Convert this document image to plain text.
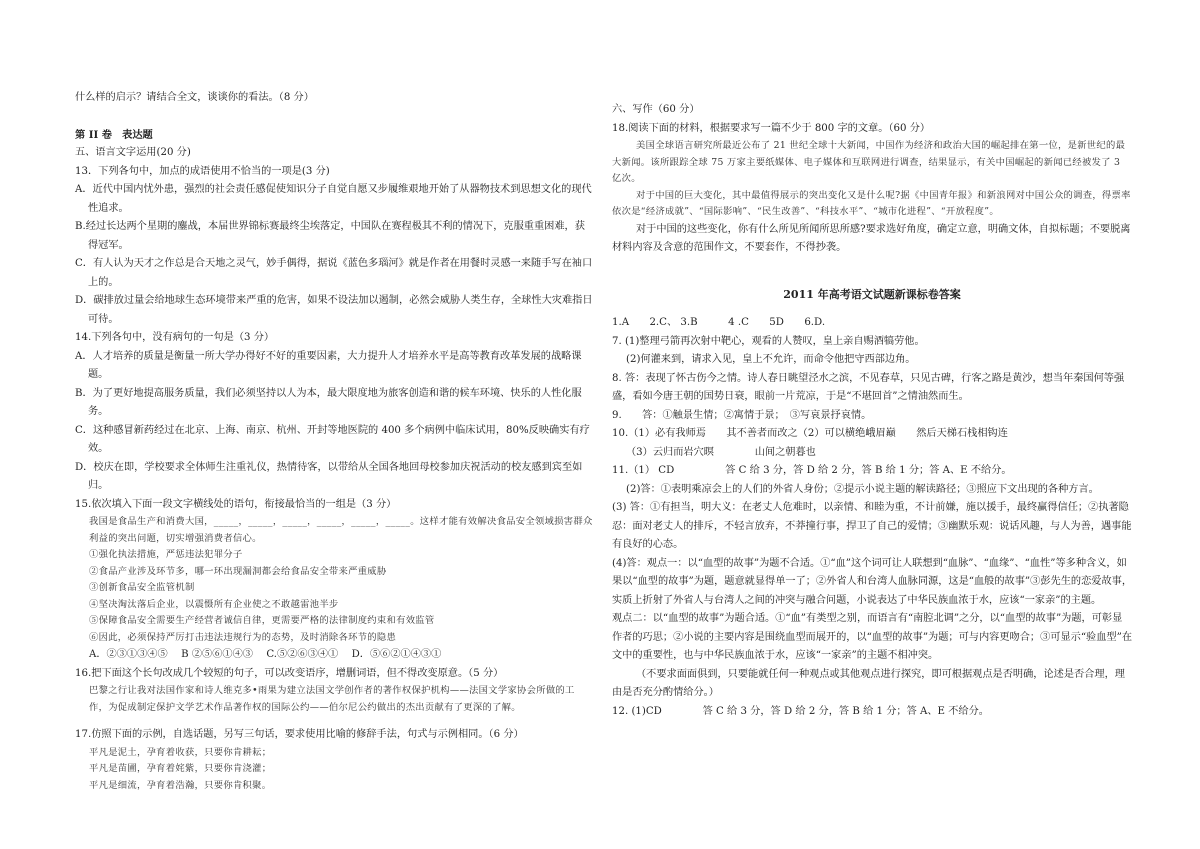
什么样的启示？请结合全文，谈谈你的看法。（8 分）
第 II 卷　表达题
五、语言文字运用(20 分)
13．下列各句中，加点的成语使用不恰当的一项是(3 分)
A．近代中国内忧外患，强烈的社会责任感促使知识分子自觉自愿又步履维艰地开始了从器物技术到思想文化的现代性追求。
B.经过长达两个星期的鏖战，本届世界锦标赛最终尘埃落定，中国队在赛程极其不利的情况下，克服重重困难，获得冠军。
C．有人认为天才之作总是合天地之灵气，妙手偶得，据说《蓝色多瑙河》就是作者在用餐时灵感一来随手写在袖口上的。
D．碳排放过量会给地球生态环境带来严重的危害，如果不设法加以遏制，必然会威胁人类生存，全球性大灾难指日可待。
14.下列各句中，没有病句的一句是（3 分）
A．人才培养的质量是衡量一所大学办得好不好的重要因素，大力提升人才培养水平是高等教育改革发展的战略课题。
B．为了更好地提高服务质量，我们必须坚持以人为本，最大限度地为旅客创造和谐的候车环境、快乐的人性化服务。
C．这种感冒新药经过在北京、上海、南京、杭州、开封等地医院的 400 多个病例中临床试用，80%反映确实有疗效。
D．校庆在即，学校要求全体师生注重礼仪，热情待客，以带给从全国各地回母校参加庆祝活动的校友感到宾至如归。
15.依次填入下面一段文字横线处的语句，衔接最恰当的一组是（3 分）
我国是食品生产和消费大国，_____，_____，_____，_____，_____，_____。这样才能有效解决食品安全领域损害群众利益的突出问题，切实增强消费者信心。
①强化执法措施，严惩违法犯罪分子
②食品产业涉及环节多，哪一环出现漏洞都会给食品安全带来严重威胁
③创新食品安全监管机制
④坚决淘汰落后企业，以震慑所有企业使之不敢越雷池半步
⑤保障食品安全需要生产经营者诚信自律，更需要严格的法律制度约束和有效监管
⑥因此，必须保持严厉打击违法违规行为的态势，及时消除各环节的隐患
A．②③①③④⑤　 B ②⑤⑥①④③　 C.⑤②⑥③④①　 D．⑤⑥②①④③①
16.把下面这个长句改成几个较短的句子，可以改变语序，增删词语，但不得改变原意。（5 分）
巴黎之行让我对法国作家和诗人维克多•雨果为建立法国文学创作者的著作权保护机构——法国文学家协会所做的工作，为促成制定保护文学艺术作品著作权的国际公约——伯尔尼公约做出的杰出贡献有了更深的了解。
17.仿照下面的示例，自选话题，另写三句话，要求使用比喻的修辞手法，句式与示例相同。（6 分）
平凡是泥土，孕育着收获，只要你肯耕耘；
平凡是苗圃，孕育着姹紫，只要你肯浇灌；
平凡是细流，孕育着浩瀚，只要你肯积聚。
六、写作（60 分）
18.阅读下面的材料，根据要求写一篇不少于 800 字的文章。（60 分）
美国全球语言研究所最近公布了 21 世纪全球十大新闻，中国作为经济和政治大国的崛起排在第一位，是新世纪的最大新闻。该所跟踪全球 75 万家主要纸媒体、电子媒体和互联网进行调查，结果显示，有关中国崛起的新闻已经被发了 3 亿次。
对于中国的巨大变化，其中最值得展示的突出变化又是什么呢?据《中国青年报》和新浪网对中国公众的调查，得票率依次是“经济成就”、“国际影响”、“民生改善”、“科技水平”、“城市化进程”、“开放程度”。
对于中国的这些变化，你有什么所见所闻所思所感?要求选好角度，确定立意，明确文体，自拟标题；不要脱离材料内容及含意的范围作文，不要套作，不得抄袭。
2011 年高考语文试题新课标卷答案
1.A　　2.C、 3.B　　　4 .C　　5D　　6.D.
7. (1)整理弓箭再次射中靶心，观看的人赞叹，皇上亲自赐酒犒劳他。
(2)何灌来到，请求入见，皇上不允许，而命令他把守西部边角。
8. 答：表现了怀古伤今之情。诗人春日眺望泾水之滨，不见春草，只见古碑，行客之路是黄沙，想当年秦国何等强盛，看如今唐王朝的国势日衰，眼前一片荒凉，于是“不堪回首”之情油然而生。
9.　　答：①触景生情；②寓情于景；　③写哀景抒哀情。
10.（1）必有我师焉　　其不善者而改之（2）可以横绝峨眉巅　　然后天梯石栈相钩连
（3）云归而岩穴暝　　　　山间之朝暮也
11.（1） CD　　　　　答 C 给 3 分，答 D 给 2 分，答 B 给 1 分；答 A、E 不给分。
(2)答：①表明乘凉会上的人们的外省人身份；②提示小说主题的解读路径；③照应下文出现的各种方言。
(3) 答：①有担当，明大义：在老丈人危难时，以亲情、和睦为重，不计前嫌，施以援手，最终赢得信任；②执著隐忍：面对老丈人的排斥，不轻言放弃，不莽撞行事，捍卫了自己的爱情；③幽默乐观：说话风趣，与人为善，遇事能有良好的心态。
(4)答：观点一：以“血型的故事”为题不合适。①“血”这个词可让人联想到“血脉”、“血缘”、“血性”等多种含义，如果以“血型的故事”为题，题意就显得单一了；②外省人和台湾人血脉同源，这是“血般的故事”③彭先生的恋爱故事，实质上折射了外省人与台湾人之间的冲突与融合问题，小说表达了中华民族血浓于水，应该“一家亲”的主题。
观点二：以“血型的故事”为题合适。①“血”有类型之别，而语言有“南腔北调”之分，以“血型的故事”为题，可彰显作者的巧思；②小说的主要内容是围绕血型而展开的，以“血型的故事”为题；可与内容更吻合；③可显示“验血型”在文中的重要性，也与中华民族血浓于水，应该“一家亲”的主题不相冲突。
（不要求面面俱到，只要能就任何一种观点或其他观点进行探究，即可根据观点是否明确，论述是否合理，理由是否充分酌情给分。）
12. (1)CD　　　　答 C 给 3 分，答 D 给 2 分，答 B 给 1 分；答 A、E 不给分。
